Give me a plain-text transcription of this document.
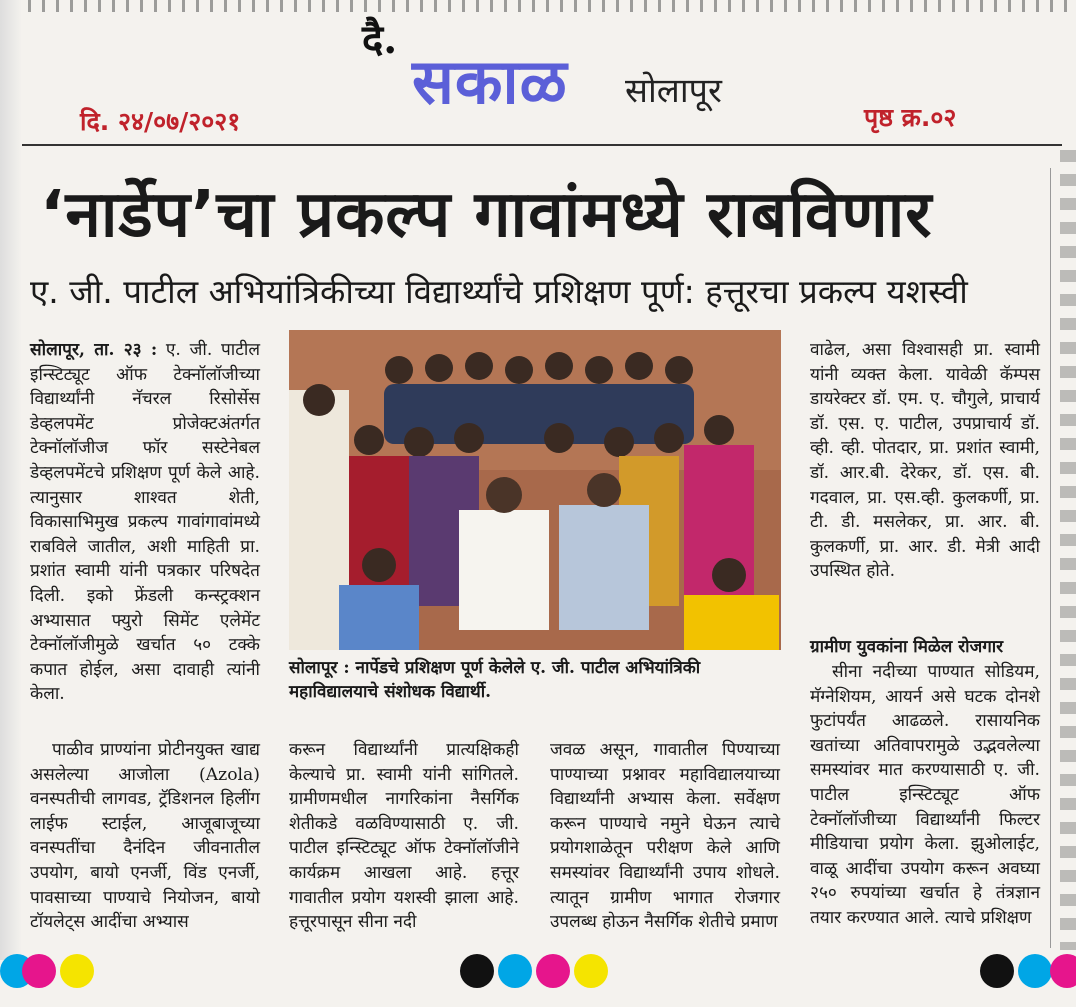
दै.
सकाळ सोलापूर
दि. २४/०७/२०२१	पृष्ठ क्र.०२
‘नार्डेप’चा प्रकल्प गावांमध्ये राबविणार
ए. जी. पाटील अभियांत्रिकीच्या विद्यार्थ्यांचे प्रशिक्षण पूर्ण: हत्तूरचा प्रकल्प यशस्वी
सोलापूर, ता. २३ : ए. जी. पाटील इन्स्टिट्यूट ऑफ टेक्नॉलॉजीच्या विद्यार्थ्यांनी नॅचरल रिसोर्सेस डेव्हलपमेंट प्रोजेक्टअंतर्गत टेक्नॉलॉजीज फॉर सस्टेनेबल डेव्हलपमेंटचे प्रशिक्षण पूर्ण केले आहे. त्यानुसार शाश्वत शेती, विकासाभिमुख प्रकल्प गावांगावांमध्ये राबविले जातील, अशी माहिती प्रा. प्रशांत स्वामी यांनी पत्रकार परिषदेत दिली. इको फ्रेंडली कन्स्ट्रक्शन अभ्यासात फ्युरो सिमेंट एलेमेंट टेक्नॉलॉजीमुळे खर्चात ५० टक्के कपात होईल, असा दावाही त्यांनी केला.
पाळीव प्राण्यांना प्रोटीनयुक्त खाद्य असलेल्या आजोला (Azola) वनस्पतीची लागवड, ट्रॅडिशनल हिलींग लाईफ स्टाईल, आजूबाजूच्या वनस्पतींचा दैनंदिन जीवनातील उपयोग, बायो एनर्जी, विंड एनर्जी, पावसाच्या पाण्याचे नियोजन, बायो टॉयलेट्स आदींचा अभ्यास
सोलापूर : नार्पेडचे प्रशिक्षण पूर्ण केलेले ए. जी. पाटील अभियांत्रिकी महाविद्यालयाचे संशोधक विद्यार्थी.
करून विद्यार्थ्यांनी प्रात्यक्षिकही केल्याचे प्रा. स्वामी यांनी सांगितले. ग्रामीणमधील नागरिकांना नैसर्गिक शेतीकडे वळविण्यासाठी ए. जी. पाटील इन्स्टिट्यूट ऑफ टेक्नॉलॉजीने कार्यक्रम आखला आहे. हत्तूर गावातील प्रयोग यशस्वी झाला आहे. हत्तूरपासून सीना नदी
जवळ असून, गावातील पिण्याच्या पाण्याच्या प्रश्नावर महाविद्यालयाच्या विद्यार्थ्यांनी अभ्यास केला. सर्वेक्षण करून पाण्याचे नमुने घेऊन त्याचे प्रयोगशाळेतून परीक्षण केले आणि समस्यांवर विद्यार्थ्यांनी उपाय शोधले. त्यातून ग्रामीण भागात रोजगार उपलब्ध होऊन नैसर्गिक शेतीचे प्रमाण
वाढेल, असा विश्वासही प्रा. स्वामी यांनी व्यक्त केला. यावेळी कॅम्पस डायरेक्टर डॉ. एम. ए. चौगुले, प्राचार्य डॉ. एस. ए. पाटील, उपप्राचार्य डॉ. व्ही. व्ही. पोतदार, प्रा. प्रशांत स्वामी, डॉ. आर.बी. देरेकर, डॉ. एस. बी. गदवाल, प्रा. एस.व्ही. कुलकर्णी, प्रा. टी. डी. मसलेकर, प्रा. आर. बी. कुलकर्णी, प्रा. आर. डी. मेत्री आदी उपस्थित होते.
ग्रामीण युवकांना मिळेल रोजगार
सीना नदीच्या पाण्यात सोडियम, मॅग्नेशियम, आयर्न असे घटक दोनशे फुटांपर्यंत आढळले. रासायनिक खतांच्या अतिवापरामुळे उद्भवलेल्या समस्यांवर मात करण्यासाठी ए. जी. पाटील इन्स्टिट्यूट ऑफ टेक्नॉलॉजीच्या विद्यार्थ्यांनी फिल्टर मीडियाचा प्रयोग केला. झुओलाईट, वाळू आदींचा उपयोग करून अवघ्या २५० रुपयांच्या खर्चात हे तंत्रज्ञान तयार करण्यात आले. त्याचे प्रशिक्षण
